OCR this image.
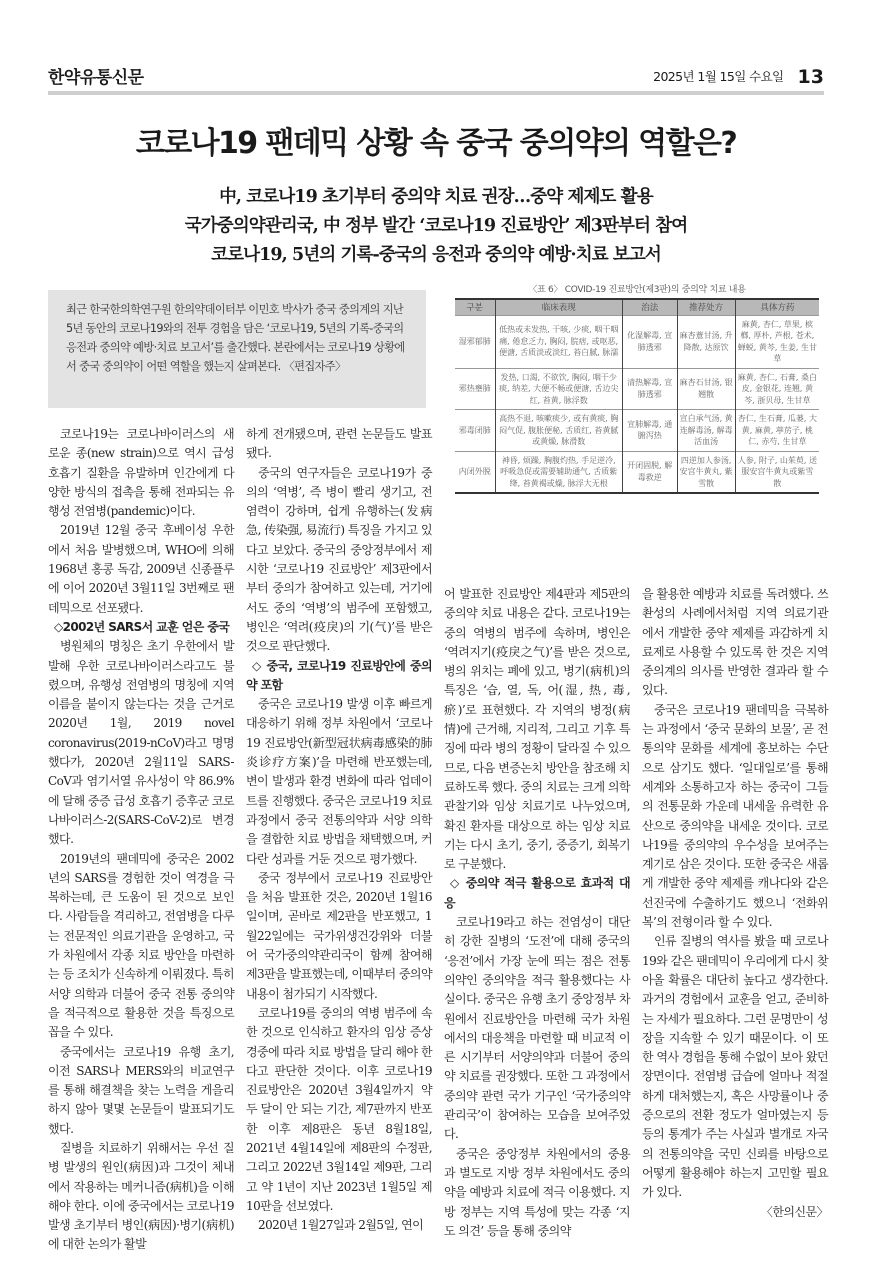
한약유통신문	2025년 1월 15일 수요일 13
코로나19 팬데믹 상황 속 중국 중의약의 역할은?
中, 코로나19 초기부터 중의약 치료 권장…중약 제제도 활용
국가중의약관리국, 中 정부 발간 ‘코로나19 진료방안’ 제3판부터 참여
코로나19, 5년의 기록-중국의 응전과 중의약 예방·치료 보고서
최근 한국한의학연구원 한의약데이터부 이민호 박사가 중국 중의계의 지난 5년 동안의 코로나19와의 전투 경험을 담은 ‘코로나19, 5년의 기록-중국의 응전과 중의약 예방·치료 보고서’를 출간했다. 본란에서는 코로나19 상황에서 중국 중의약이 어떤 역할을 했는지 살펴본다. 〈편집자주〉
〈표 6〉 COVID-19 진료방안(제3판)의 중의약 치료 내용
구분	临床表现	治法	推荐处方	具体方药
湿邪郁肺	低热或未发热, 干咳, 少痰, 咽干咽痛, 倦怠乏力, 胸闷, 脘痞, 或呕恶, 便溏, 舌质淡或淡红, 苔白腻, 脉濡	化湿解毒, 宣肺透邪	麻杏薏甘汤, 升降散, 达原饮	麻黄, 杏仁, 草果, 槟榔, 厚朴, 芦根, 苍术, 蝉蜕, 黄芩, 生姜, 生甘草
邪热壅肺	发热, 口渴, 不欲饮, 胸闷, 咽干少痰, 纳差, 大便不畅或便溏, 舌边尖红, 苔黄, 脉浮数	清热解毒, 宣肺透邪	麻杏石甘汤, 银翘散	麻黄, 杏仁, 石膏, 桑白皮, 金银花, 连翘, 黄芩, 浙贝母, 生甘草
邪毒闭肺	高热不退, 咳嗽痰少, 或有黄痰, 胸闷气促, 腹胀便秘, 舌质红, 苔黄腻或黄燥, 脉滑数	宣肺解毒, 通腑泻热	宣白承气汤, 黄连解毒汤, 解毒活血汤	杏仁, 生石膏, 瓜蒌, 大黄, 麻黄, 葶苈子, 桃仁, 赤芍, 生甘草
内闭外脱	神昏, 烦躁, 胸腹灼热, 手足逆冷, 呼吸急促或需要辅助通气, 舌质紫绛, 苔黄褐或燥, 脉浮大无根	开闭固脱, 解毒救逆	四逆加人参汤, 安宫牛黄丸, 紫雪散	人参, 附子, 山茱萸, 送服安宫牛黄丸或紫雪散

코로나19는 코로나바이러스의 새로운 종(new strain)으로 역시 급성 호흡기 질환을 유발하며 인간에게 다양한 방식의 접촉을 통해 전파되는 유행성 전염병(pandemic)이다.

2019년 12월 중국 후베이성 우한에서 처음 발병했으며, WHO에 의해 1968년 홍콩 독감, 2009년 신종플루에 이어 2020년 3월11일 3번째로 팬데믹으로 선포됐다.

◇2002년 SARS서 교훈 얻은 중국

병원체의 명칭은 초기 우한에서 발발해 우한 코로나바이러스라고도 불렸으며, 유행성 전염병의 명칭에 지역 이름을 붙이지 않는다는 것을 근거로 2020년 1월, 2019 novel coronavirus(2019-nCoV)라고 명명했다가, 2020년 2월11일 SARS-CoV과 염기서열 유사성이 약 86.9%에 달해 중증 급성 호흡기 증후군 코로나바이러스-2(SARS-CoV-2)로 변경했다.

2019년의 팬데믹에 중국은 2002년의 SARS를 경험한 것이 역경을 극복하는데, 큰 도움이 된 것으로 보인다. 사람들을 격리하고, 전염병을 다루는 전문적인 의료기관을 운영하고, 국가 차원에서 각종 치료 방안을 마련하는 등 조치가 신속하게 이뤄졌다. 특히 서양 의학과 더불어 중국 전통 중의약을 적극적으로 활용한 것을 특징으로 꼽을 수 있다.

중국에서는 코로나19 유행 초기, 이전 SARS나 MERS와의 비교연구를 통해 해결책을 찾는 노력을 게을리하지 않아 몇몇 논문들이 발표되기도 했다.

질병을 치료하기 위해서는 우선 질병 발생의 원인(病因)과 그것이 체내에서 작용하는 메커니즘(病机)을 이해해야 한다. 이에 중국에서는 코로나19 발생 초기부터 병인(病因)·병기(病机)에 대한 논의가 활발

하게 전개됐으며, 관련 논문들도 발표됐다.

중국의 연구자들은 코로나19가 중의의 ‘역병’, 즉 병이 빨리 생기고, 전염력이 강하며, 쉽게 유행하는(发病急, 传染强, 易流行) 특징을 가지고 있다고 보았다. 중국의 중앙정부에서 제시한 ‘코로나19 진료방안’ 제3판에서부터 중의가 참여하고 있는데, 거기에서도 중의 ‘역병’의 범주에 포함했고, 병인은 ‘역려(疫戾)의 기(气)’를 받은 것으로 판단했다.

◇ 중국, 코로나19 진료방안에 중의약 포함

중국은 코로나19 발생 이후 빠르게 대응하기 위해 정부 차원에서 ‘코로나19 진료방안(新型冠状病毒感染的肺炎诊疗方案)’을 마련해 반포했는데, 변이 발생과 환경 변화에 따라 업데이트를 진행했다. 중국은 코로나19 치료 과정에서 중국 전통의약과 서양 의학을 결합한 치료 방법을 채택했으며, 커다란 성과를 거둔 것으로 평가했다.

중국 정부에서 코로나19 진료방안을 처음 발표한 것은, 2020년 1월16일이며, 곧바로 제2판을 반포했고, 1월22일에는 국가위생건강위와 더불어 국가중의약관리국이 함께 참여해 제3판을 발표했는데, 이때부터 중의약 내용이 첨가되기 시작했다.

코로나19를 중의의 역병 범주에 속한 것으로 인식하고 환자의 임상 증상 경중에 따라 치료 방법을 달리 해야 한다고 판단한 것이다. 이후 코로나19 진료방안은 2020년 3월4일까지 약 두 달이 안 되는 기간, 제7판까지 반포한 이후 제8판은 동년 8월18일, 2021년 4월14일에 제8판의 수정판, 그리고 2022년 3월14일 제9판, 그리고 약 1년이 지난 2023년 1월5일 제10판을 선보였다.

2020년 1월27일과 2월5일, 연이

어 발표한 진료방안 제4판과 제5판의 중의약 치료 내용은 같다. 코로나19는 중의 역병의 범주에 속하며, 병인은 ‘역려지기(疫戾之气)’를 받은 것으로, 병의 위치는 폐에 있고, 병기(病机)의 특징은 ‘습, 열, 독, 어(湿, 热, 毒, 瘀)’로 표현했다. 각 지역의 병정(病情)에 근거해, 지리적, 그리고 기후 특징에 따라 병의 정황이 달라질 수 있으므로, 다음 변증논치 방안을 참조해 치료하도록 했다. 중의 치료는 크게 의학 관찰기와 임상 치료기로 나누었으며, 확진 환자를 대상으로 하는 임상 치료기는 다시 초기, 중기, 중증기, 회복기로 구분했다.

◇ 중의약 적극 활용으로 효과적 대응

코로나19라고 하는 전염성이 대단히 강한 질병의 ‘도전’에 대해 중국의 ‘응전’에서 가장 눈에 띄는 점은 전통의약인 중의약을 적극 활용했다는 사실이다. 중국은 유행 초기 중앙정부 차원에서 진료방안을 마련해 국가 차원에서의 대응책을 마련할 때 비교적 이른 시기부터 서양의약과 더불어 중의약 치료를 권장했다. 또한 그 과정에서 중의약 관련 국가 기구인 ‘국가중의약관리국’이 참여하는 모습을 보여주었다.

중국은 중앙정부 차원에서의 중용과 별도로 지방 정부 차원에서도 중의약을 예방과 치료에 적극 이용했다. 지방 정부는 지역 특성에 맞는 각종 ‘지도 의견’ 등을 통해 중의약

을 활용한 예방과 치료를 독려했다. 쓰촨성의 사례에서처럼 지역 의료기관에서 개발한 중약 제제를 과감하게 치료제로 사용할 수 있도록 한 것은 지역 중의계의 의사를 반영한 결과라 할 수 있다.

중국은 코로나19 팬데믹을 극복하는 과정에서 ‘중국 문화의 보물’, 곧 전통의약 문화를 세계에 홍보하는 수단으로 삼기도 했다. ‘일대일로’를 통해 세계와 소통하고자 하는 중국이 그들의 전통문화 가운데 내세울 유력한 유산으로 중의약을 내세운 것이다. 코로나19를 중의약의 우수성을 보여주는 계기로 삼은 것이다. 또한 중국은 새롭게 개발한 중약 제제를 캐나다와 같은 선진국에 수출하기도 했으니 ‘전화위복’의 전형이라 할 수 있다.

인류 질병의 역사를 봤을 때 코로나19와 같은 팬데믹이 우리에게 다시 찾아올 확률은 대단히 높다고 생각한다. 과거의 경험에서 교훈을 얻고, 준비하는 자세가 필요하다. 그런 문명만이 성장을 지속할 수 있기 때문이다. 이 또한 역사 경험을 통해 수없이 보아 왔던 장면이다. 전염병 급습에 얼마나 적절하게 대처했는지, 혹은 사망률이나 중증으로의 전환 정도가 얼마였는지 등등의 통계가 주는 사실과 별개로 자국의 전통의약을 국민 신뢰를 바탕으로 어떻게 활용해야 하는지 고민할 필요가 있다.

〈한의신문〉
